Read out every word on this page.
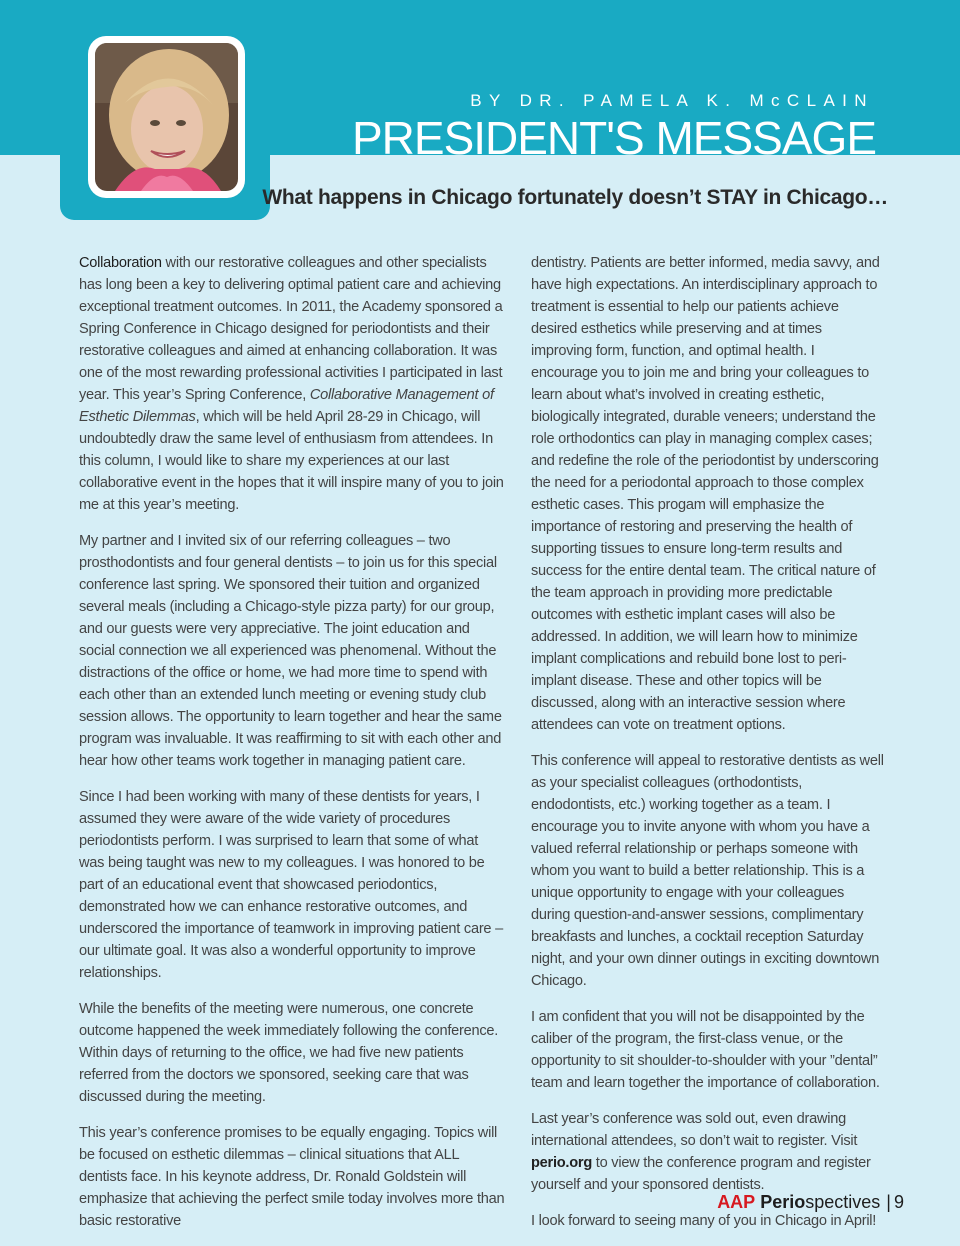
BY DR. PAMELA K. McCLAIN
PRESIDENT'S MESSAGE
What happens in Chicago fortunately doesn’t STAY in Chicago…

Collaboration with our restorative colleagues and other specialists has long been a key to delivering optimal patient care and achieving exceptional treatment outcomes. In 2011, the Academy sponsored a Spring Conference in Chicago designed for periodontists and their restorative colleagues and aimed at enhancing collaboration. It was one of the most rewarding professional activities I participated in last year. This year’s Spring Conference, Collaborative Management of Esthetic Dilemmas, which will be held April 28-29 in Chicago, will undoubtedly draw the same level of enthusiasm from attendees. In this column, I would like to share my experiences at our last collaborative event in the hopes that it will inspire many of you to join me at this year’s meeting.

My partner and I invited six of our referring colleagues – two prosthodontists and four general dentists – to join us for this special conference last spring. We sponsored their tuition and organized several meals (including a Chicago-style pizza party) for our group, and our guests were very appreciative. The joint education and social connection we all experienced was phenomenal. Without the distractions of the office or home, we had more time to spend with each other than an extended lunch meeting or evening study club session allows. The opportunity to learn together and hear the same program was invaluable. It was reaffirming to sit with each other and hear how other teams work together in managing patient care.

Since I had been working with many of these dentists for years, I assumed they were aware of the wide variety of procedures periodontists perform. I was surprised to learn that some of what was being taught was new to my colleagues. I was honored to be part of an educational event that showcased periodontics, demonstrated how we can enhance restorative outcomes, and underscored the importance of teamwork in improving patient care – our ultimate goal. It was also a wonderful opportunity to improve relationships.

While the benefits of the meeting were numerous, one concrete outcome happened the week immediately following the conference. Within days of returning to the office, we had five new patients referred from the doctors we sponsored, seeking care that was discussed during the meeting.

This year’s conference promises to be equally engaging. Topics will be focused on esthetic dilemmas – clinical situations that ALL dentists face. In his keynote address, Dr. Ronald Goldstein will emphasize that achieving the perfect smile today involves more than basic restorative

dentistry. Patients are better informed, media savvy, and have high expectations. An interdisciplinary approach to treatment is essential to help our patients achieve desired esthetics while preserving and at times improving form, function, and optimal health. I encourage you to join me and bring your colleagues to learn about what’s involved in creating esthetic, biologically integrated, durable veneers; understand the role orthodontics can play in managing complex cases; and redefine the role of the periodontist by underscoring the need for a periodontal approach to those complex esthetic cases. This progam will emphasize the importance of restoring and preserving the health of supporting tissues to ensure long-term results and success for the entire dental team. The critical nature of the team approach in providing more predictable outcomes with esthetic implant cases will also be addressed. In addition, we will learn how to minimize implant complications and rebuild bone lost to peri-implant disease. These and other topics will be discussed, along with an interactive session where attendees can vote on treatment options.

This conference will appeal to restorative dentists as well as your specialist colleagues (orthodontists, endodontists, etc.) working together as a team. I encourage you to invite anyone with whom you have a valued referral relationship or perhaps someone with whom you want to build a better relationship. This is a unique opportunity to engage with your colleagues during question-and-answer sessions, complimentary breakfasts and lunches, a cocktail reception Saturday night, and your own dinner outings in exciting downtown Chicago.

I am confident that you will not be disappointed by the caliber of the program, the first-class venue, or the opportunity to sit shoulder-to-shoulder with your ”dental” team and learn together the importance of collaboration.

Last year’s conference was sold out, even drawing international attendees, so don’t wait to register. Visit perio.org to view the conference program and register yourself and your sponsored dentists.

I look forward to seeing many of you in Chicago in April!

AAP Periospectives | 9
